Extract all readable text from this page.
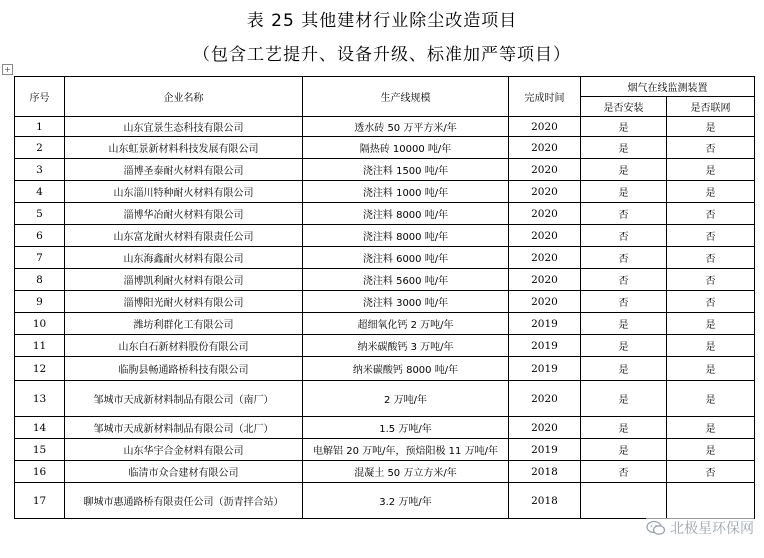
表 25 其他建材行业除尘改造项目
（包含工艺提升、设备升级、标准加严等项目）
+
序号	企业名称	生产线规模	完成时间	烟气在线监测装置	
				是否安装	是否联网
1	山东宜景生态科技有限公司	透水砖 50 万平方米/年	2020	是	是
2	山东虹景新材料科技发展有限公司	隔热砖 10000 吨/年	2020	是	否
3	淄博圣泰耐火材料有限公司	浇注料 1500 吨/年	2020	是	是
4	山东淄川特种耐火材料有限公司	浇注料 1000 吨/年	2020	是	是
5	淄博华冶耐火材料有限公司	浇注料 8000 吨/年	2020	否	否
6	山东富龙耐火材料有限责任公司	浇注料 8000 吨/年	2020	否	否
7	山东海鑫耐火材料有限公司	浇注料 6000 吨/年	2020	否	否
8	淄博凯利耐火材料有限公司	浇注料 5600 吨/年	2020	否	否
9	淄博阳光耐火材料有限公司	浇注料 3000 吨/年	2020	否	否
10	潍坊利群化工有限公司	超细氧化钙 2 万吨/年	2019	是	是
11	山东白石新材料股份有限公司	纳米碳酸钙 3 万吨/年	2019	是	是
12	临朐县畅通路桥科技有限公司	纳米碳酸钙 8000 吨/年	2019	是	是
13	邹城市天成新材料制品有限公司（南厂）	2 万吨/年	2020	是	是
14	邹城市天成新材料制品有限公司（北厂）	1.5 万吨/年	2020	是	是
15	山东华宇合金材料有限公司	电解铝 20 万吨/年，预焙阳极 11 万吨/年	2019	是	是
16	临清市众合建材有限公司	混凝土 50 万立方米/年	2018	否	否
17	聊城市惠通路桥有限责任公司（沥青拌合站）	3.2 万吨/年	2018		
北极星环保网
